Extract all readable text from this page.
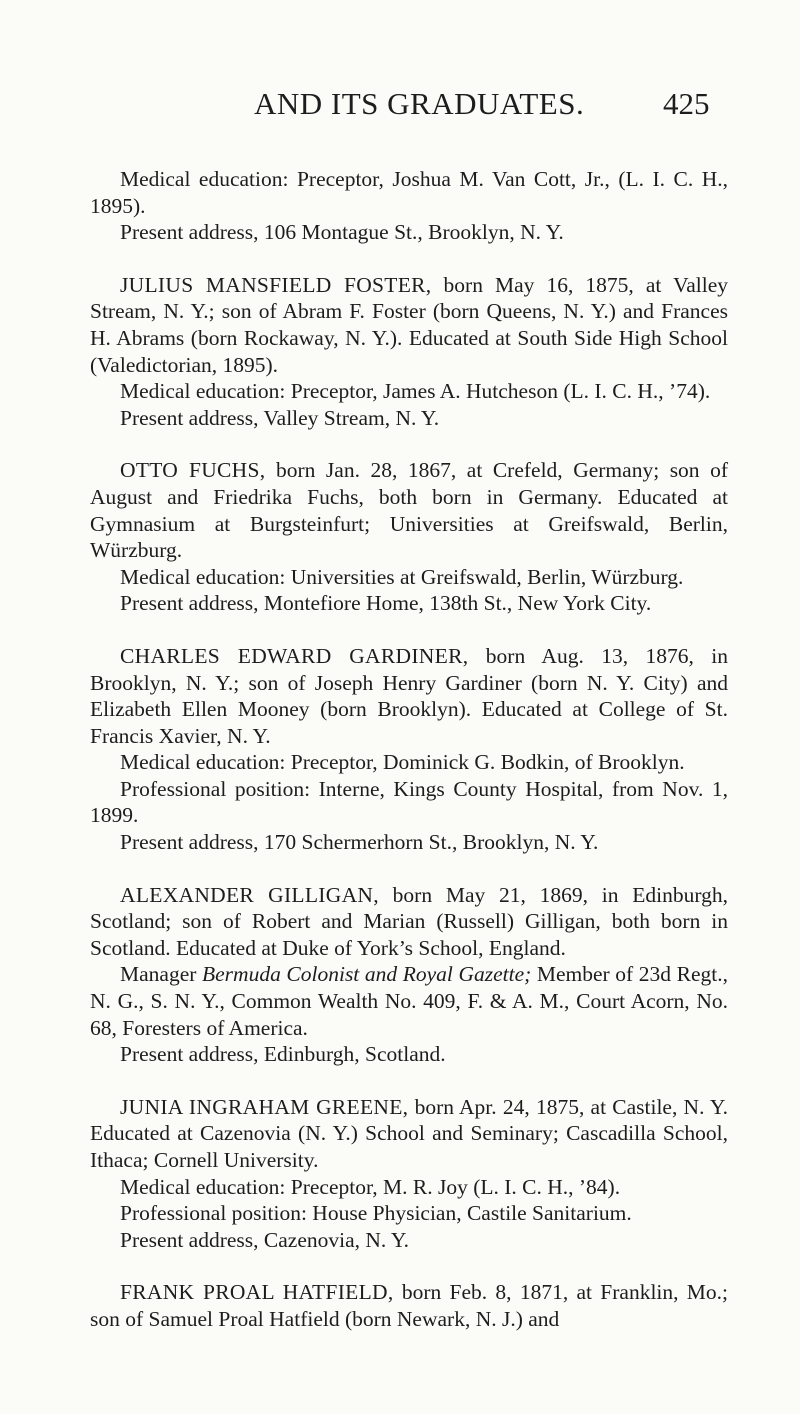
AND ITS GRADUATES.	425

Medical education: Preceptor, Joshua M. Van Cott, Jr., (L. I. C. H., 1895).

Present address, 106 Montague St., Brooklyn, N. Y.

JULIUS MANSFIELD FOSTER, born May 16, 1875, at Valley Stream, N. Y.; son of Abram F. Foster (born Queens, N. Y.) and Frances H. Abrams (born Rockaway, N. Y.). Educated at South Side High School (Valedictorian, 1895).

Medical education: Preceptor, James A. Hutcheson (L. I. C. H., ’74).

Present address, Valley Stream, N. Y.

OTTO FUCHS, born Jan. 28, 1867, at Crefeld, Germany; son of August and Friedrika Fuchs, both born in Germany. Educated at Gymnasium at Burgsteinfurt; Universities at Greifswald, Berlin, Würzburg.

Medical education: Universities at Greifswald, Berlin, Würzburg.

Present address, Montefiore Home, 138th St., New York City.

CHARLES EDWARD GARDINER, born Aug. 13, 1876, in Brooklyn, N. Y.; son of Joseph Henry Gardiner (born N. Y. City) and Elizabeth Ellen Mooney (born Brooklyn). Educated at College of St. Francis Xavier, N. Y.

Medical education: Preceptor, Dominick G. Bodkin, of Brooklyn.

Professional position: Interne, Kings County Hospital, from Nov. 1, 1899.

Present address, 170 Schermerhorn St., Brooklyn, N. Y.

ALEXANDER GILLIGAN, born May 21, 1869, in Edinburgh, Scotland; son of Robert and Marian (Russell) Gilligan, both born in Scotland. Educated at Duke of York’s School, England.

Manager Bermuda Colonist and Royal Gazette; Member of 23d Regt., N. G., S. N. Y., Common Wealth No. 409, F. & A. M., Court Acorn, No. 68, Foresters of America.

Present address, Edinburgh, Scotland.

JUNIA INGRAHAM GREENE, born Apr. 24, 1875, at Castile, N. Y. Educated at Cazenovia (N. Y.) School and Seminary; Cascadilla School, Ithaca; Cornell University.

Medical education: Preceptor, M. R. Joy (L. I. C. H., ’84).

Professional position: House Physician, Castile Sanitarium.

Present address, Cazenovia, N. Y.

FRANK PROAL HATFIELD, born Feb. 8, 1871, at Franklin, Mo.; son of Samuel Proal Hatfield (born Newark, N. J.) and
